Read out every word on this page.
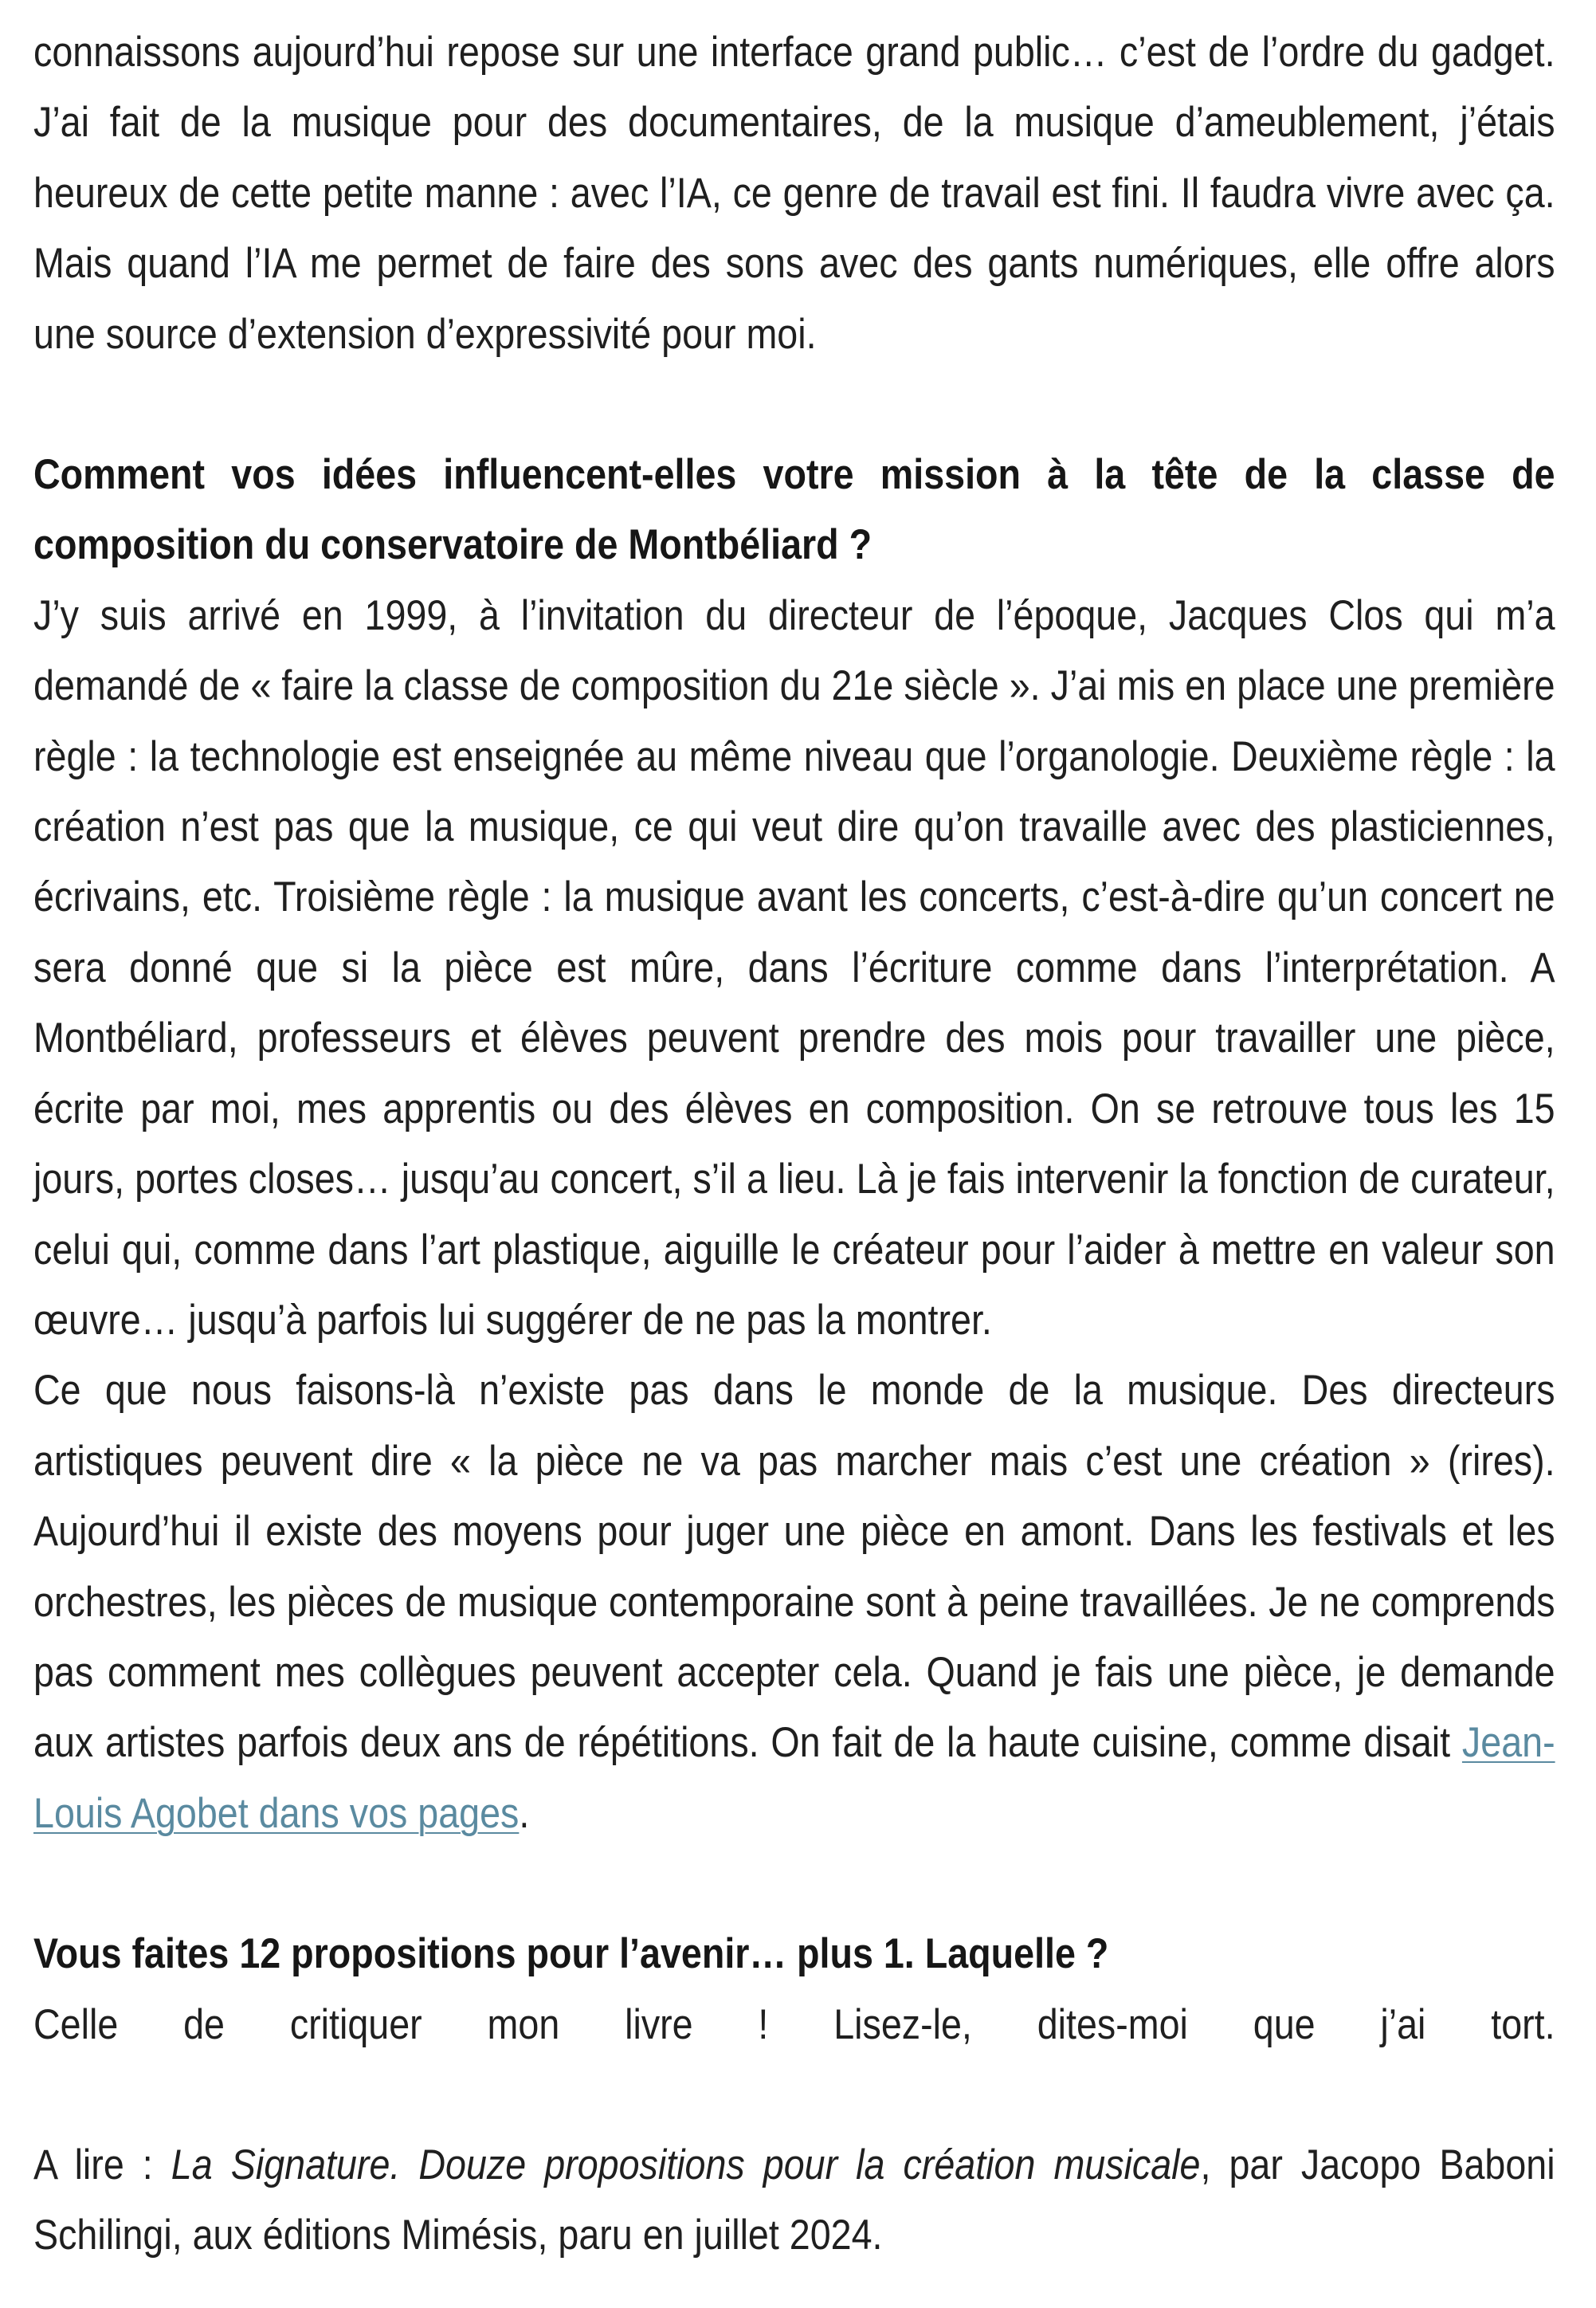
connaissons aujourd’hui repose sur une interface grand public… c’est de l’ordre du gadget. J’ai fait de la musique pour des documentaires, de la musique d’ameublement, j’étais heureux de cette petite manne : avec l’IA, ce genre de travail est fini. Il faudra vivre avec ça. Mais quand l’IA me permet de faire des sons avec des gants numériques, elle offre alors une source d’extension d’expressivité pour moi.

Comment vos idées influencent-elles votre mission à la tête de la classe de composition du conservatoire de Montbéliard ?

J’y suis arrivé en 1999, à l’invitation du directeur de l’époque, Jacques Clos qui m’a demandé de « faire la classe de composition du 21e siècle ». J’ai mis en place une première règle : la technologie est enseignée au même niveau que l’organologie. Deuxième règle : la création n’est pas que la musique, ce qui veut dire qu’on travaille avec des plasticiennes, écrivains, etc. Troisième règle : la musique avant les concerts, c’est-à-dire qu’un concert ne sera donné que si la pièce est mûre, dans l’écriture comme dans l’interprétation. A Montbéliard, professeurs et élèves peuvent prendre des mois pour travailler une pièce, écrite par moi, mes apprentis ou des élèves en composition. On se retrouve tous les 15 jours, portes closes… jusqu’au concert, s’il a lieu. Là je fais intervenir la fonction de curateur, celui qui, comme dans l’art plastique, aiguille le créateur pour l’aider à mettre en valeur son œuvre… jusqu’à parfois lui suggérer de ne pas la montrer.

Ce que nous faisons-là n’existe pas dans le monde de la musique. Des directeurs artistiques peuvent dire « la pièce ne va pas marcher mais c’est une création » (rires). Aujourd’hui il existe des moyens pour juger une pièce en amont. Dans les festivals et les orchestres, les pièces de musique contemporaine sont à peine travaillées. Je ne comprends pas comment mes collègues peuvent accepter cela. Quand je fais une pièce, je demande aux artistes parfois deux ans de répétitions. On fait de la haute cuisine, comme disait Jean-Louis Agobet dans vos pages.

Vous faites 12 propositions pour l’avenir… plus 1. Laquelle ?

Celle de critiquer mon livre ! Lisez-le, dites-moi que j’ai tort.

A lire : La Signature. Douze propositions pour la création musicale, par Jacopo Baboni Schilingi, aux éditions Mimésis, paru en juillet 2024.
